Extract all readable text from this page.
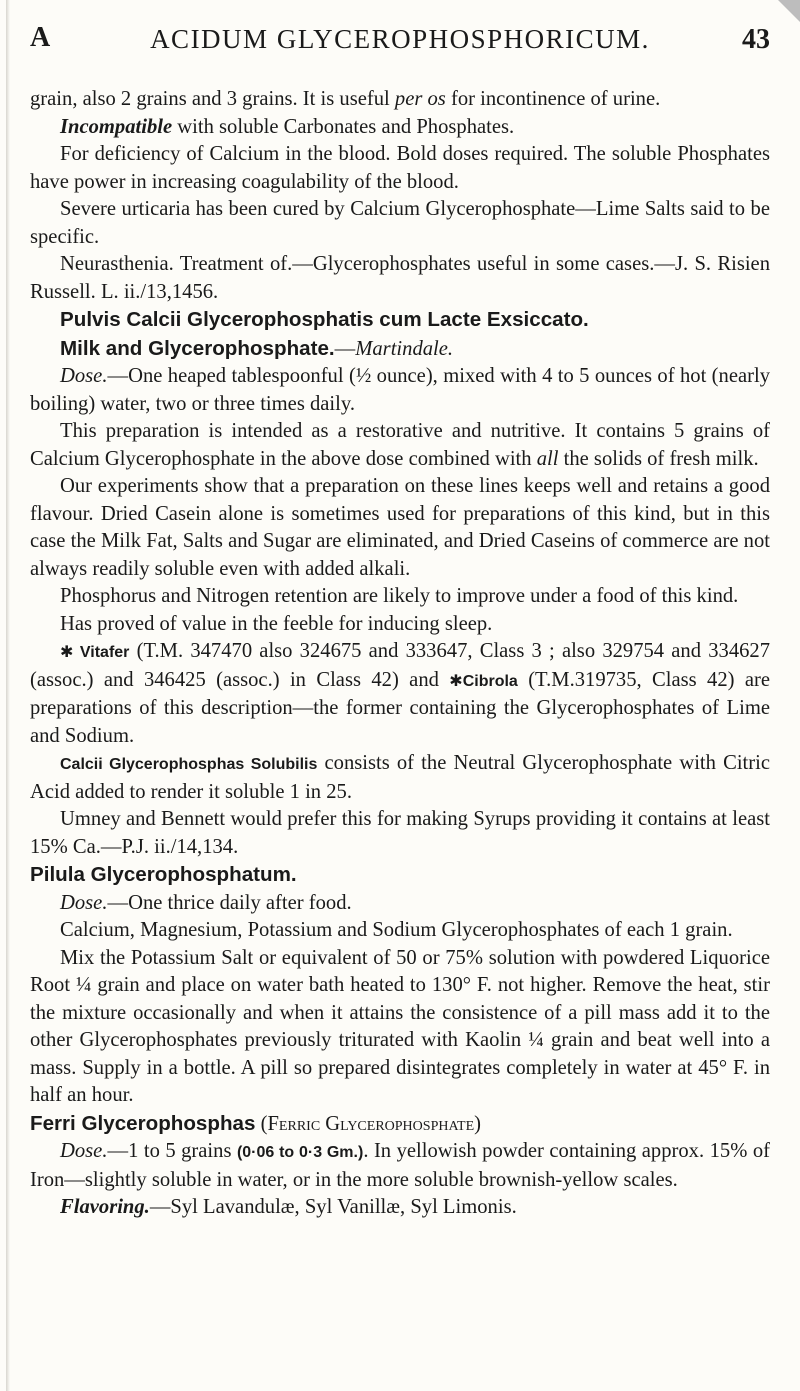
A	ACIDUM GLYCEROPHOSPHORICUM.	43

grain, also 2 grains and 3 grains. It is useful per os for incontinence of urine.

Incompatible with soluble Carbonates and Phosphates.

For deficiency of Calcium in the blood. Bold doses required. The soluble Phosphates have power in increasing coagulability of the blood.

Severe urticaria has been cured by Calcium Glycerophosphate—Lime Salts said to be specific.

Neurasthenia. Treatment of.—Glycerophosphates useful in some cases.—J. S. Risien Russell. L. ii./13,1456.

Pulvis Calcii Glycerophosphatis cum Lacte Exsiccato.

Milk and Glycerophosphate.—Martindale.

Dose.—One heaped tablespoonful (½ ounce), mixed with 4 to 5 ounces of hot (nearly boiling) water, two or three times daily.

This preparation is intended as a restorative and nutritive. It contains 5 grains of Calcium Glycerophosphate in the above dose combined with all the solids of fresh milk.

Our experiments show that a preparation on these lines keeps well and retains a good flavour. Dried Casein alone is sometimes used for preparations of this kind, but in this case the Milk Fat, Salts and Sugar are eliminated, and Dried Caseins of commerce are not always readily soluble even with added alkali.

Phosphorus and Nitrogen retention are likely to improve under a food of this kind.

Has proved of value in the feeble for inducing sleep.

✱ Vitafer (T.M. 347470 also 324675 and 333647, Class 3 ; also 329754 and 334627 (assoc.) and 346425 (assoc.) in Class 42) and ✱Cibrola (T.M.319735, Class 42) are preparations of this description—the former containing the Glycerophosphates of Lime and Sodium.

Calcii Glycerophosphas Solubilis consists of the Neutral Glycerophosphate with Citric Acid added to render it soluble 1 in 25.

Umney and Bennett would prefer this for making Syrups providing it contains at least 15% Ca.—P.J. ii./14,134.

Pilula Glycerophosphatum.

Dose.—One thrice daily after food.

Calcium, Magnesium, Potassium and Sodium Glycerophosphates of each 1 grain.

Mix the Potassium Salt or equivalent of 50 or 75% solution with powdered Liquorice Root ¼ grain and place on water bath heated to 130° F. not higher. Remove the heat, stir the mixture occasionally and when it attains the consistence of a pill mass add it to the other Glycerophosphates previously triturated with Kaolin ¼ grain and beat well into a mass. Supply in a bottle. A pill so prepared disintegrates completely in water at 45° F. in half an hour.

Ferri Glycerophosphas (Ferric Glycerophosphate)

Dose.—1 to 5 grains (0·06 to 0·3 Gm.). In yellowish powder containing approx. 15% of Iron—slightly soluble in water, or in the more soluble brownish-yellow scales.

Flavoring.—Syl Lavandulæ, Syl Vanillæ, Syl Limonis.
